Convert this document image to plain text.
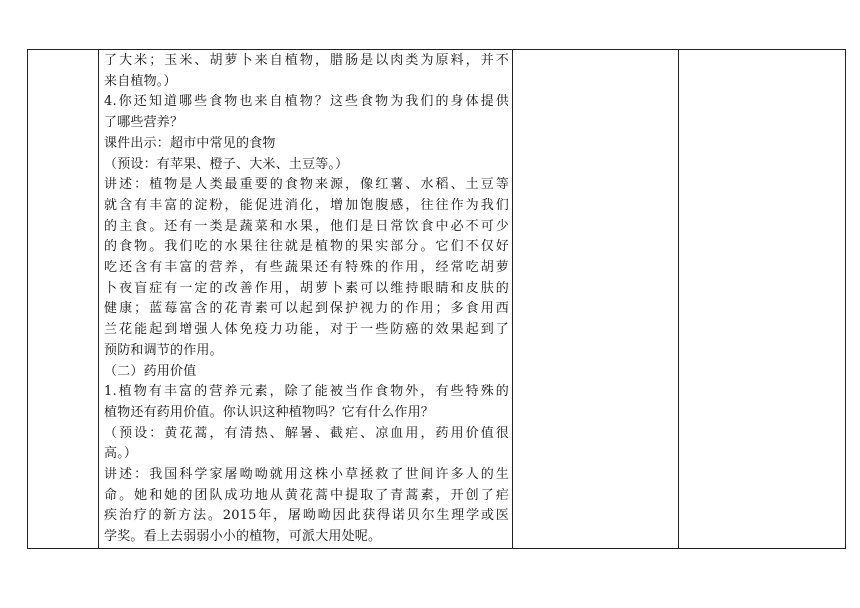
了大米；玉米、胡萝卜来自植物，腊肠是以肉类为原料，并不
来自植物。）
4.你还知道哪些食物也来自植物？这些食物为我们的身体提供
了哪些营养？
课件出示：超市中常见的食物
（预设：有苹果、橙子、大米、土豆等。）
讲述：植物是人类最重要的食物来源，像红薯、水稻、土豆等
就含有丰富的淀粉，能促进消化，增加饱腹感，往往作为我们
的主食。还有一类是蔬菜和水果，他们是日常饮食中必不可少
的食物。我们吃的水果往往就是植物的果实部分。它们不仅好
吃还含有丰富的营养，有些蔬果还有特殊的作用，经常吃胡萝
卜夜盲症有一定的改善作用，胡萝卜素可以维持眼睛和皮肤的
健康；蓝莓富含的花青素可以起到保护视力的作用；多食用西
兰花能起到增强人体免疫力功能，对于一些防癌的效果起到了
预防和调节的作用。
（二）药用价值
1.植物有丰富的营养元素，除了能被当作食物外，有些特殊的
植物还有药用价值。你认识这种植物吗？它有什么作用？
（预设：黄花蒿，有清热、解暑、截疟、凉血用，药用价值很
高。）
讲述：我国科学家屠呦呦就用这株小草拯救了世间许多人的生
命。她和她的团队成功地从黄花蒿中提取了青蒿素，开创了疟
疾治疗的新方法。2015年，屠呦呦因此获得诺贝尔生理学或医
学奖。看上去弱弱小小的植物，可派大用处呢。
